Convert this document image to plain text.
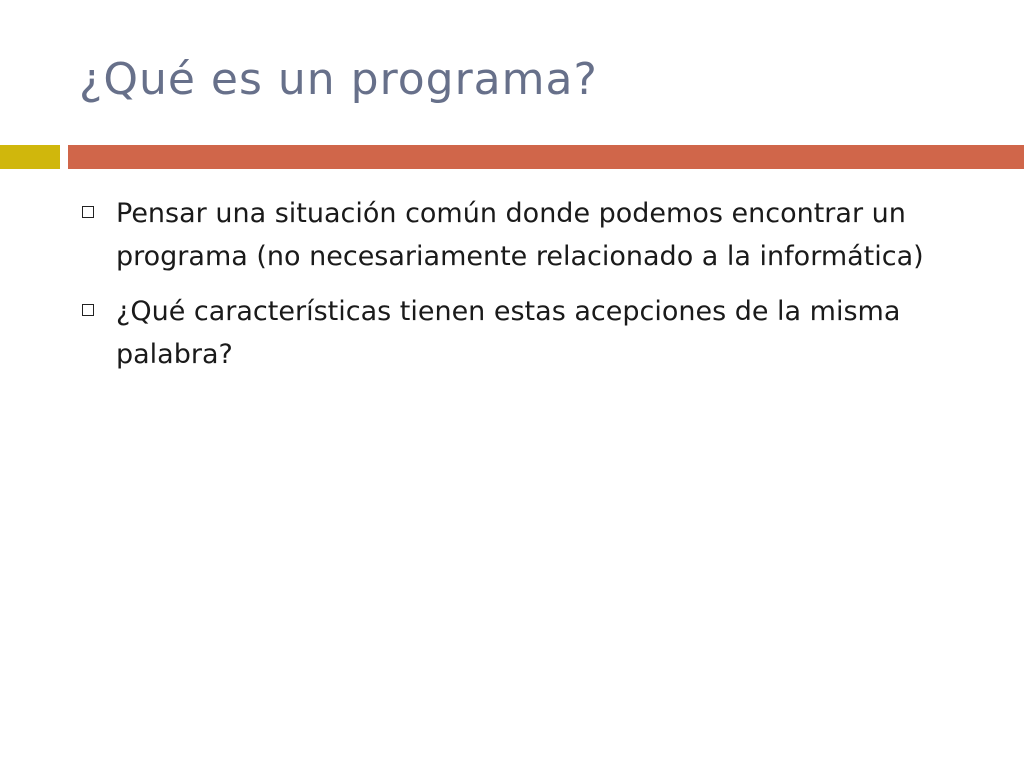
¿Qué es un programa?
Pensar una situación común donde podemos encontrar un programa (no necesariamente relacionado a la informática)
¿Qué características tienen estas acepciones de la misma palabra?
